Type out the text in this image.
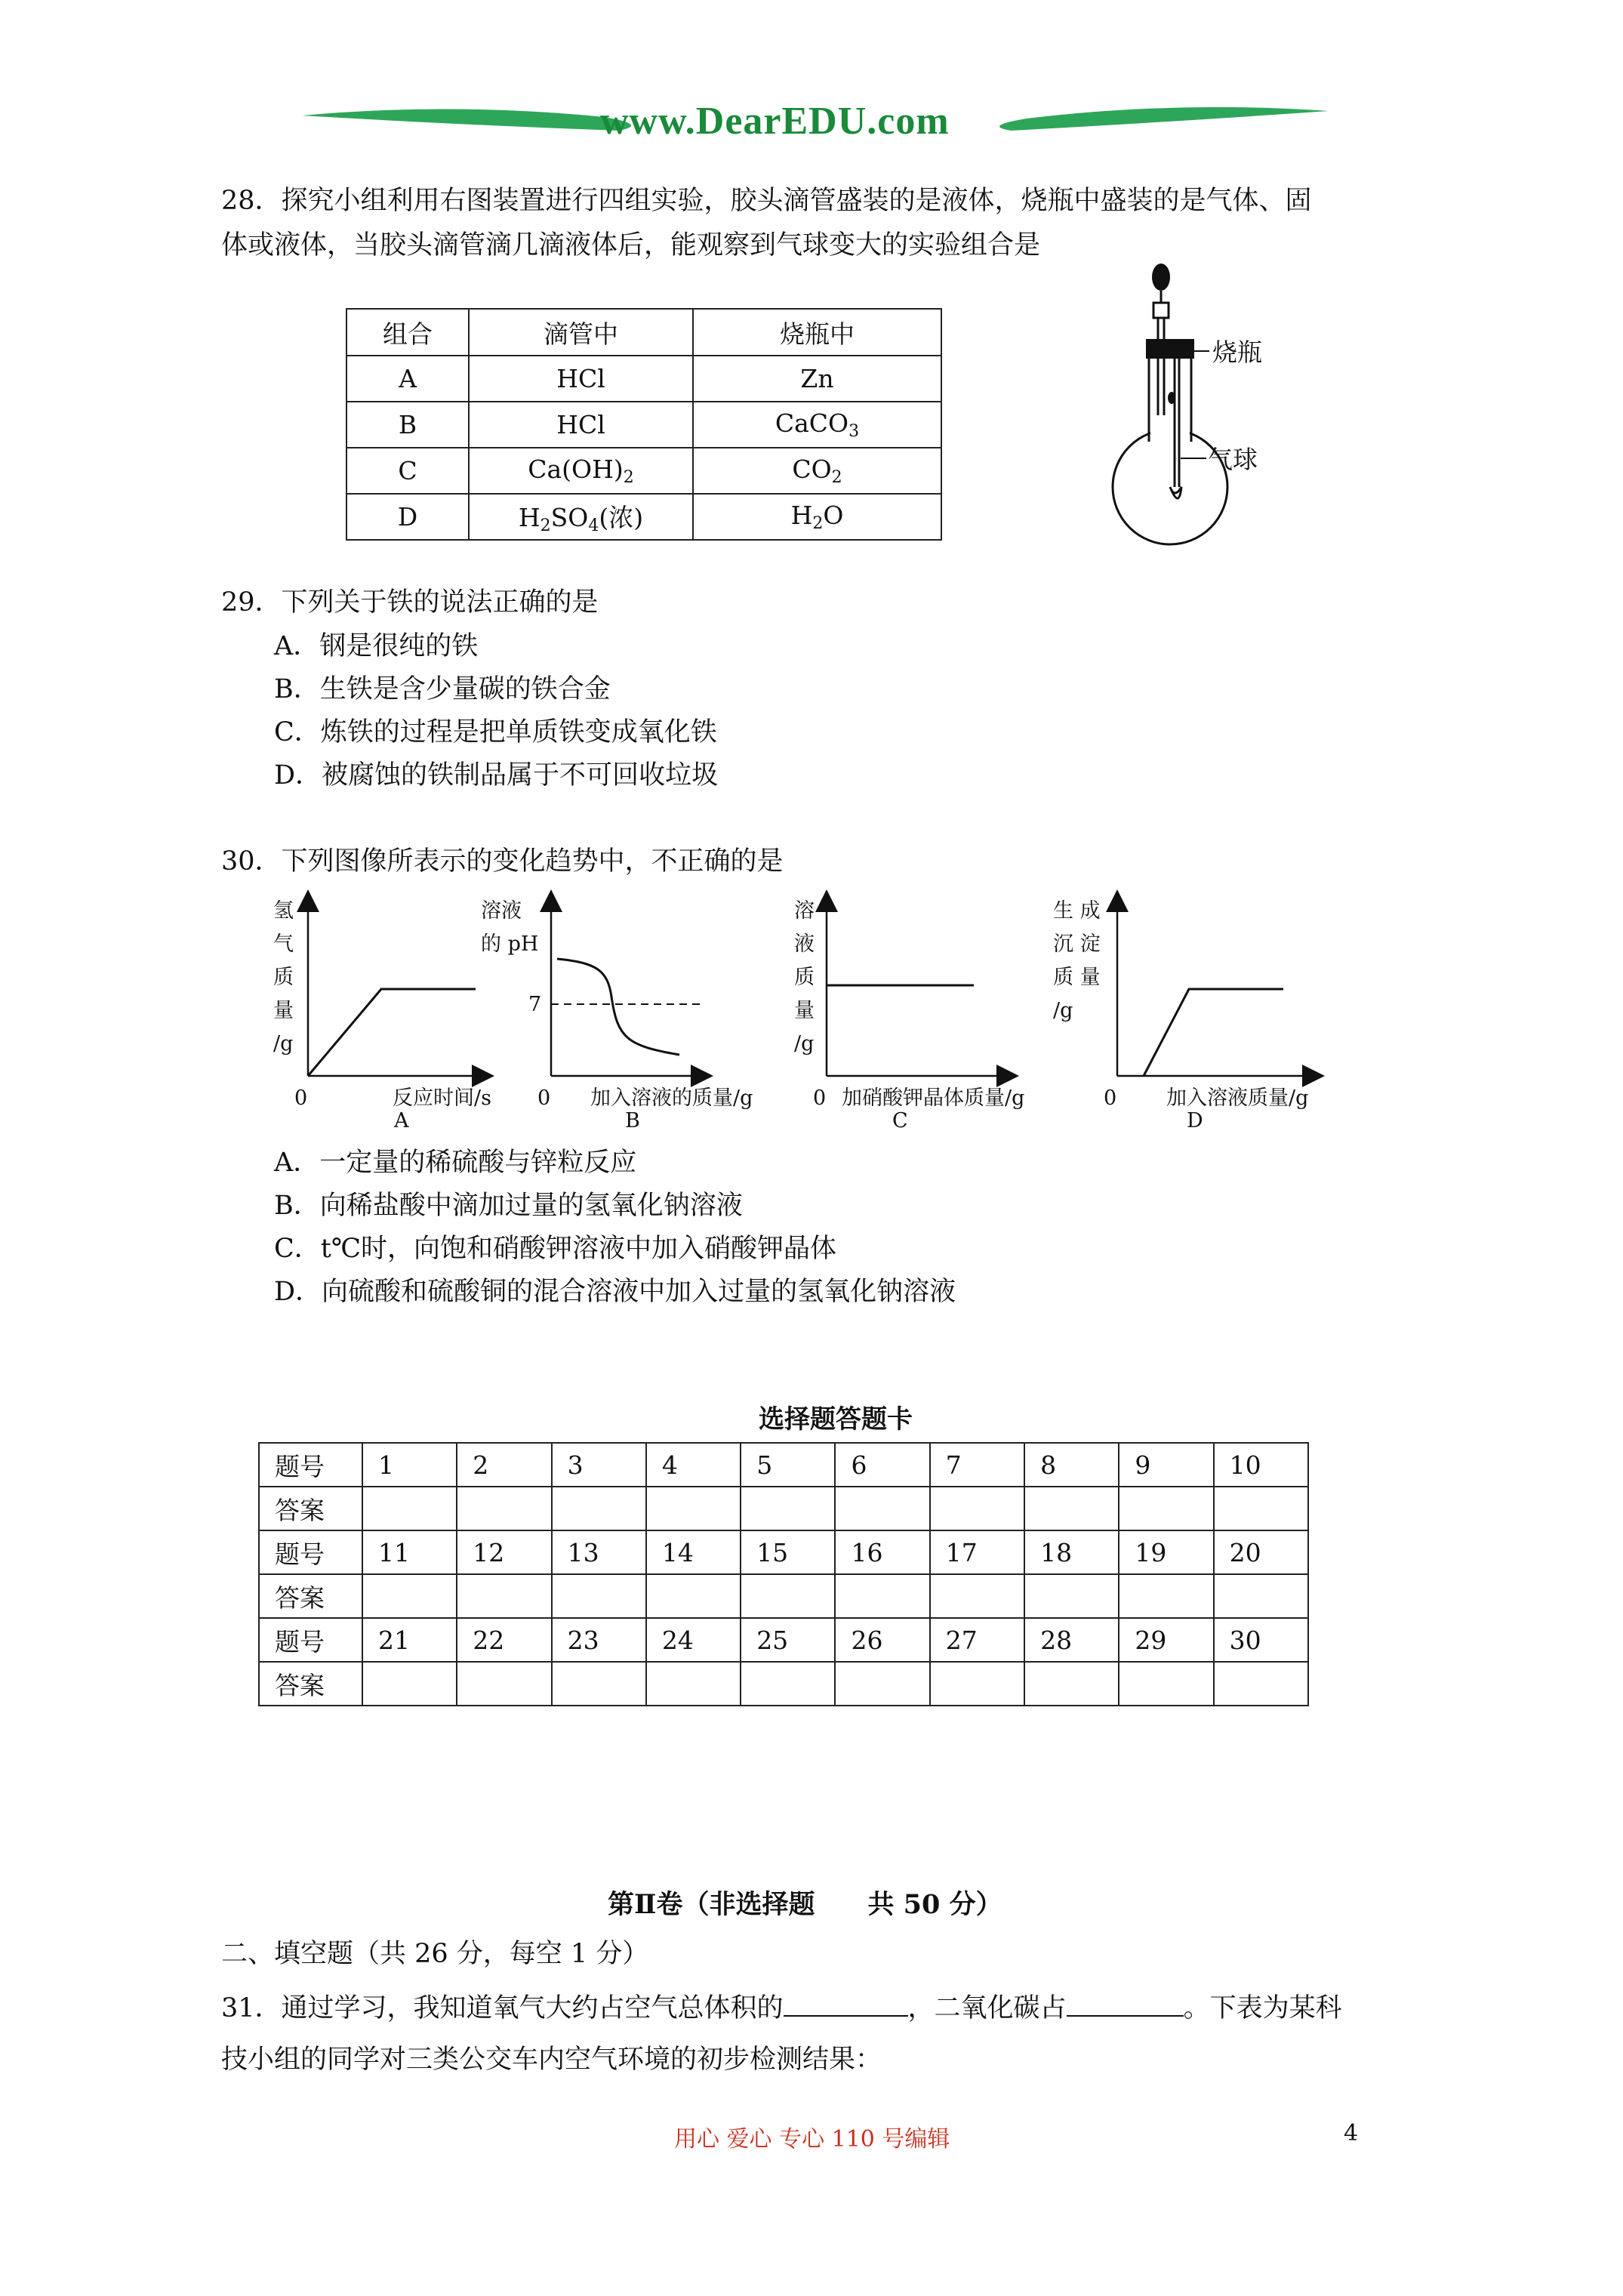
www.DearEDU.com
28．探究小组利用右图装置进行四组实验，胶头滴管盛装的是液体，烧瓶中盛装的是气体、固
体或液体，当胶头滴管滴几滴液体后，能观察到气球变大的实验组合是
组合	滴管中	烧瓶中
A	HCl	Zn
B	HCl	CaCO$_3$
C	$Ca(OH)_2$	$CO_2$
D	$H_2SO_4$(浓)	$H_2O$
烧瓶
气球
29．下列关于铁的说法正确的是
A．钢是很纯的铁
B．生铁是含少量碳的铁合金
C．炼铁的过程是把单质铁变成氧化铁
D．被腐蚀的铁制品属于不可回收垃圾
30．下列图像所表示的变化趋势中，不正确的是
氢
气
质
量
/g
0	反应时间/s
A
溶液
的 pH
7
0 加入溶液的质量/g
B
溶
液
质
量
/g
0 加硝酸钾晶体质量/g
C
生 成
沉 淀
质 量
/g
0 加入溶液质量/g
D
A．一定量的稀硫酸与锌粒反应
B．向稀盐酸中滴加过量的氢氧化钠溶液
C．t℃时，向饱和硝酸钾溶液中加入硝酸钾晶体
D．向硫酸和硫酸铜的混合溶液中加入过量的氢氧化钠溶液
选择题答题卡
题号	1	2	3	4	5	6	7	8	9	10
答案										
题号	11	12	13	14	15	16	17	18	19	20
答案										
题号	21	22	23	24	25	26	27	28	29	30
答案										
第Ⅱ卷（非选择题　　共 50 分）
二、填空题（共 26 分，每空 1 分）
31．通过学习，我知道氧气大约占空气总体积的	，二氧化碳占	。下表为某科
技小组的同学对三类公交车内空气环境的初步检测结果：
用心 爱心 专心 110 号编辑	4
